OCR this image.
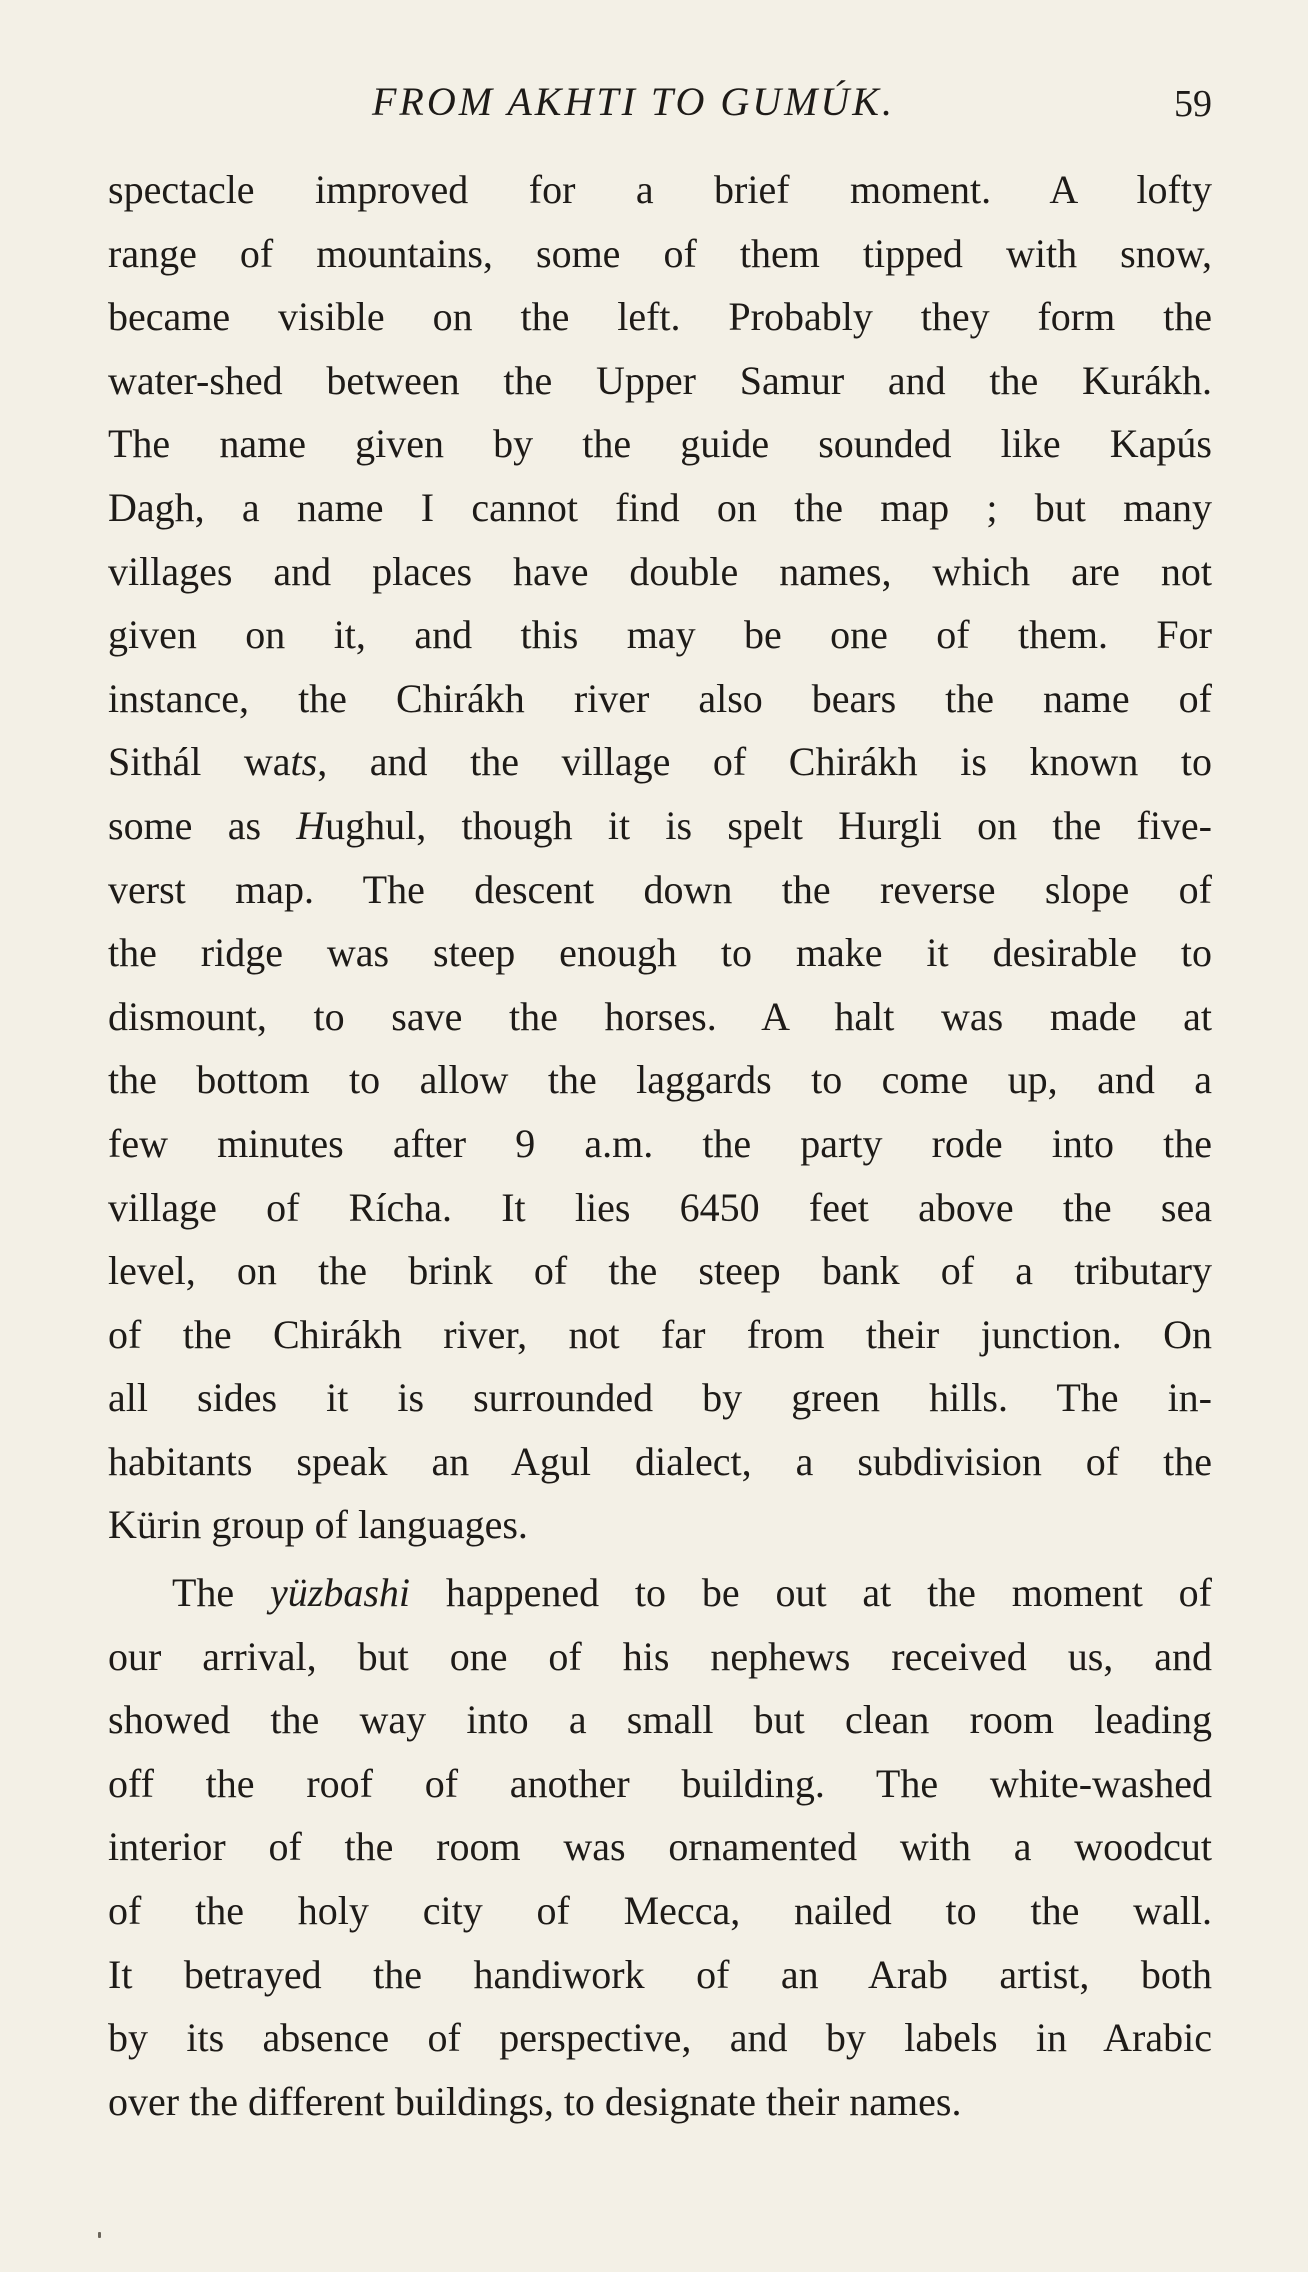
FROM AKHTI TO GUMÚK.	59
spectacle improved for a brief moment. A lofty
range of mountains, some of them tipped with snow,
became visible on the left. Probably they form the
water-shed between the Upper Samur and the Kurákh.
The name given by the guide sounded like Kapús
Dagh, a name I cannot find on the map ; but many
villages and places have double names, which are not
given on it, and this may be one of them. For
instance, the Chirákh river also bears the name of
Sithál wats, and the village of Chirákh is known to
some as Hughul, though it is spelt Hurgli on the five-
verst map. The descent down the reverse slope of
the ridge was steep enough to make it desirable to
dismount, to save the horses. A halt was made at
the bottom to allow the laggards to come up, and a
few minutes after 9 a.m. the party rode into the
village of Rícha. It lies 6450 feet above the sea
level, on the brink of the steep bank of a tributary
of the Chirákh river, not far from their junction. On
all sides it is surrounded by green hills. The in-
habitants speak an Agul dialect, a subdivision of the
Kürin group of languages.
The yüzbashi happened to be out at the moment of
our arrival, but one of his nephews received us, and
showed the way into a small but clean room leading
off the roof of another building. The white-washed
interior of the room was ornamented with a woodcut
of the holy city of Mecca, nailed to the wall.
It betrayed the handiwork of an Arab artist, both
by its absence of perspective, and by labels in Arabic
over the different buildings, to designate their names.
